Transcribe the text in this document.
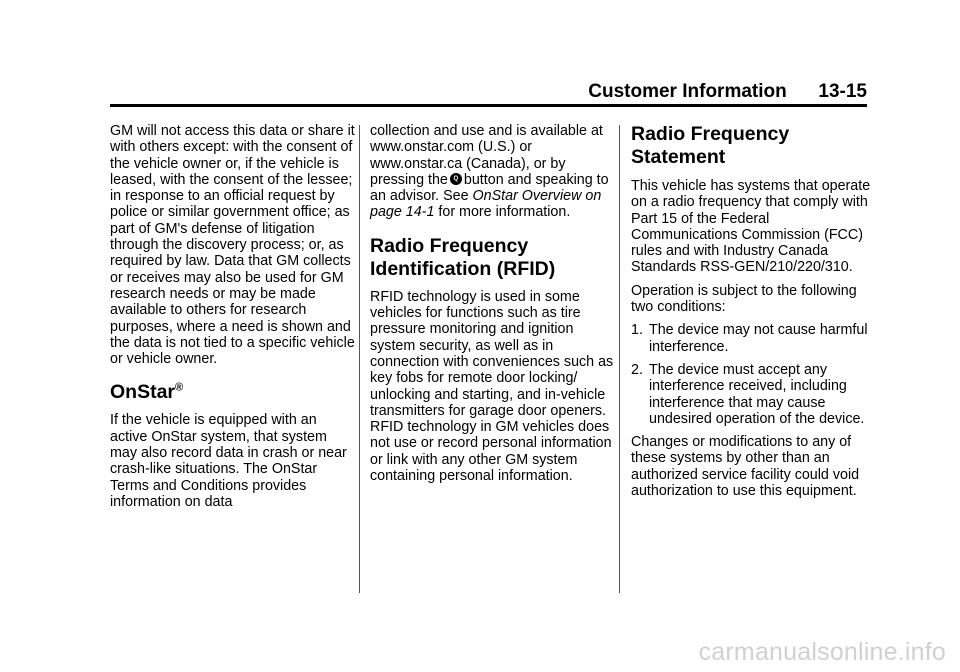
Customer Information      13-15

GM will not access this data or share it with others except: with the consent of the vehicle owner or, if the vehicle is leased, with the consent of the lessee; in response to an official request by police or similar government office; as part of GM's defense of litigation through the discovery process; or, as required by law. Data that GM collects or receives may also be used for GM research needs or may be made available to others for research purposes, where a need is shown and the data is not tied to a specific vehicle or vehicle owner.

OnStar®

If the vehicle is equipped with an active OnStar system, that system may also record data in crash or near crash-like situations. The OnStar Terms and Conditions provides information on data

collection and use and is available at www.onstar.com (U.S.) or www.onstar.ca (Canada), or by pressing the Q button and speaking to an advisor. See OnStar Overview on page 14-1 for more information.

Radio Frequency Identification (RFID)

RFID technology is used in some vehicles for functions such as tire pressure monitoring and ignition system security, as well as in connection with conveniences such as key fobs for remote door locking/ unlocking and starting, and in-vehicle transmitters for garage door openers. RFID technology in GM vehicles does not use or record personal information or link with any other GM system containing personal information.

Radio Frequency Statement

This vehicle has systems that operate on a radio frequency that comply with Part 15 of the Federal Communications Commission (FCC) rules and with Industry Canada Standards RSS-GEN/210/220/310.

Operation is subject to the following two conditions:

1. The device may not cause harmful interference.
2. The device must accept any interference received, including interference that may cause undesired operation of the device.

Changes or modifications to any of these systems by other than an authorized service facility could void authorization to use this equipment.

carmanualsonline.info
